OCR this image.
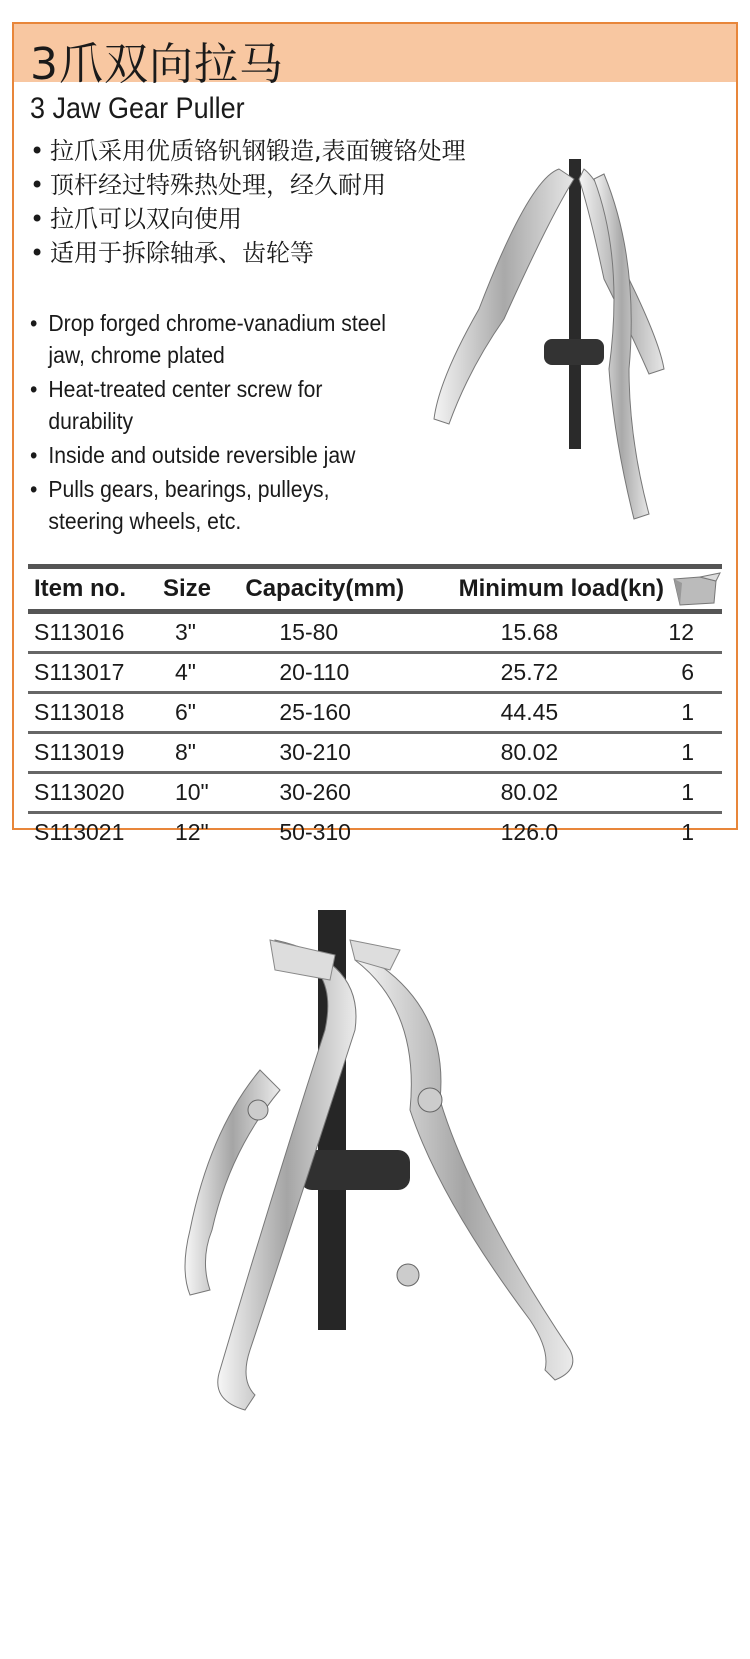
3爪双向拉马
3 Jaw Gear Puller
• 拉爪采用优质铬钒钢锻造,表面镀铬处理
• 顶杆经过特殊热处理，经久耐用
• 拉爪可以双向使用
• 适用于拆除轴承、齿轮等
• Drop forged chrome-vanadium steel jaw, chrome plated
• Heat-treated center screw for durability
• Inside and outside reversible jaw
• Pulls gears, bearings, pulleys, steering wheels, etc.
Item no.	Size	Capacity(mm)	Minimum load(kn)	

S113016	3"	15-80	15.68	12
S113017	4"	20-110	25.72	6
S113018	6"	25-160	44.45	1
S113019	8"	30-210	80.02	1
S113020	10"	30-260	80.02	1
S113021	12"	50-310	126.0	1
